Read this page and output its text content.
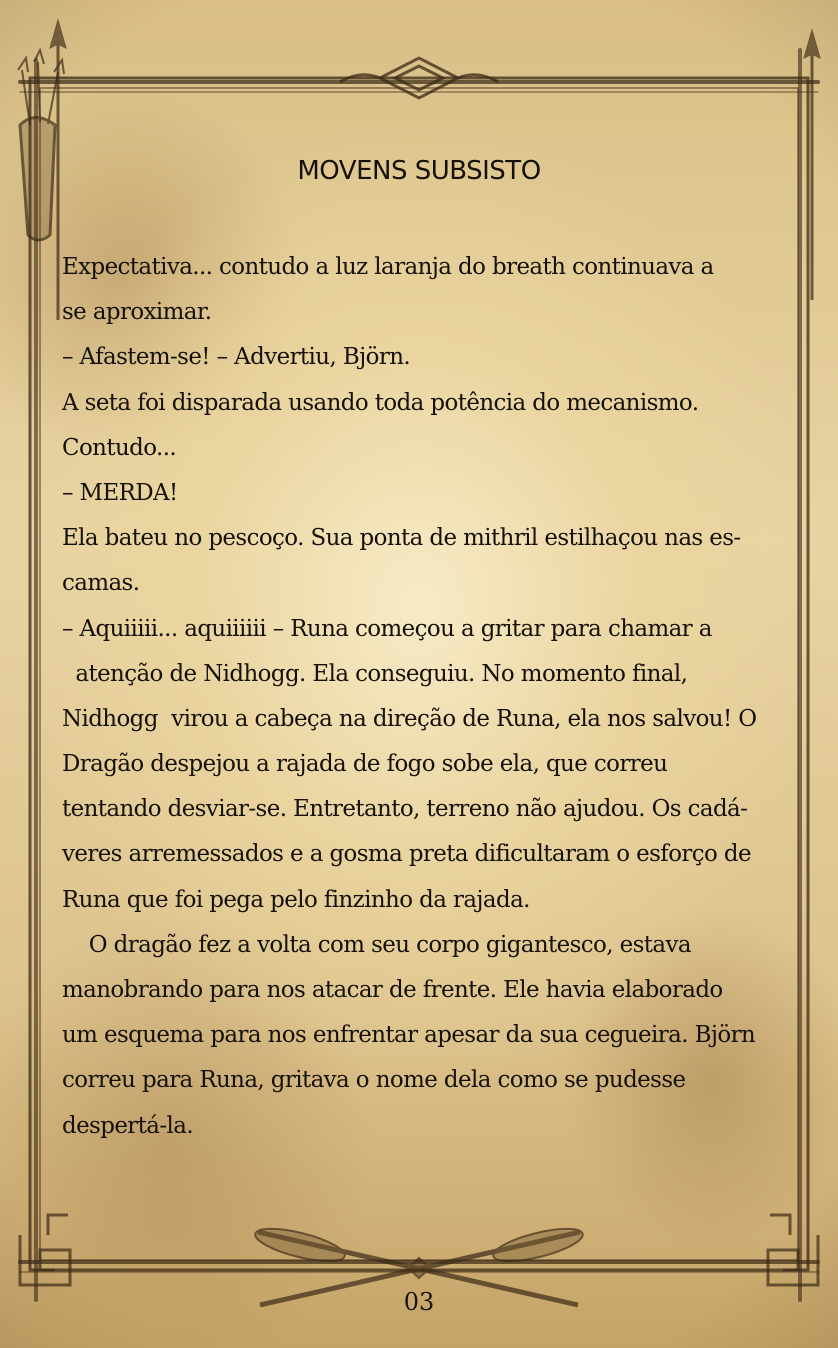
MOVENS SUBSISTO
Expectativa... contudo a luz laranja do breath continuava a
se aproximar.
– Afastem-se! – Advertiu, Björn.
A seta foi disparada usando toda potência do mecanismo.
Contudo...
– MERDA!
Ela bateu no pescoço. Sua ponta de mithril estilhaçou nas es-
camas.
– Aquiiiii... aquiiiiii – Runa começou a gritar para chamar a
atenção de Nidhogg. Ela conseguiu. No momento final,
Nidhogg  virou a cabeça na direção de Runa, ela nos salvou! O
Dragão despejou a rajada de fogo sobe ela, que correu
tentando desviar-se. Entretanto, terreno não ajudou. Os cadá-
veres arremessados e a gosma preta dificultaram o esforço de
Runa que foi pega pelo finzinho da rajada.
O dragão fez a volta com seu corpo gigantesco, estava
manobrando para nos atacar de frente. Ele havia elaborado
um esquema para nos enfrentar apesar da sua cegueira. Björn
correu para Runa, gritava o nome dela como se pudesse
despertá-la.
03
